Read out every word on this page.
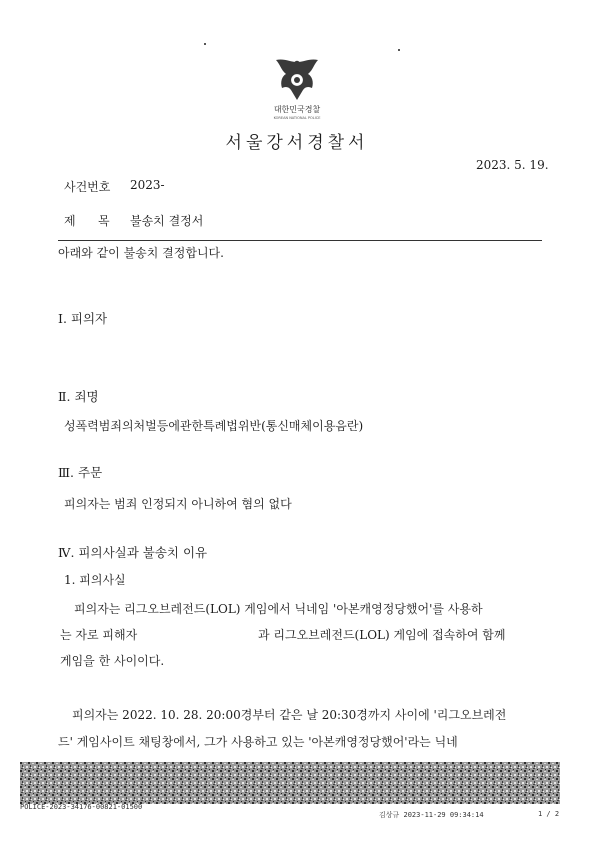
대한민국경찰
KOREAN NATIONAL POLICE
서울강서경찰서
2023. 5. 19.
사건번호 2023-
제 목 불송치 결정서
아래와 같이 불송치 결정합니다.
Ⅰ. 피의자
Ⅱ. 죄명
성폭력범죄의처벌등에관한특례법위반(통신매체이용음란)
Ⅲ. 주문
피의자는 범죄 인정되지 아니하여 혐의 없다
Ⅳ. 피의사실과 불송치 이유
1. 피의사실
피의자는 리그오브레전드(LOL) 게임에서 닉네임 '아본캐영정당했어'를 사용하
는 자로 피해자	과 리그오브레전드(LOL) 게임에 접속하여 함께
게임을 한 사이이다.
피의자는 2022. 10. 28. 20:00경부터 같은 날 20:30경까지 사이에 '리그오브레전
드' 게임사이트 채팅창에서, 그가 사용하고 있는 '아본캐영정당했어'라는 닉네
POLICE-2023-34176-00821-01500
김상규 2023-11-29 09:34:14	1 / 2
